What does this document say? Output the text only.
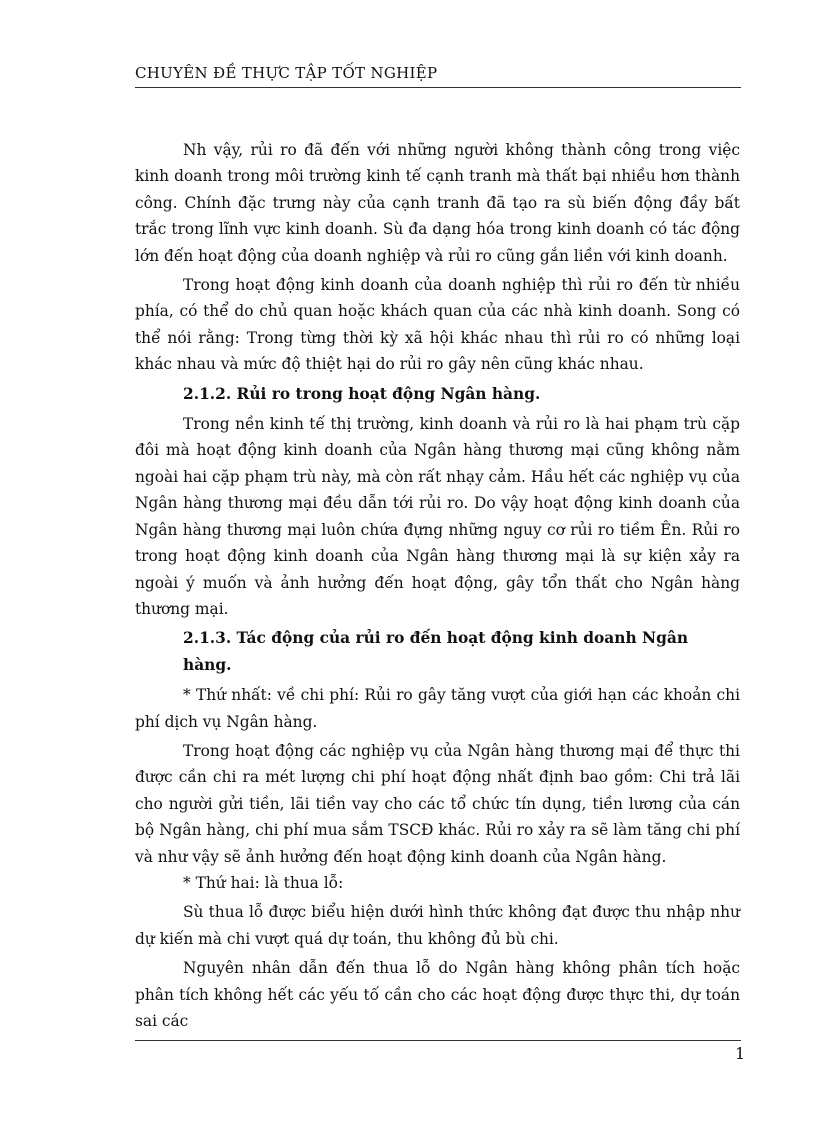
CHUYÊN ĐỀ THỰC TẬP TỐT NGHIỆP

Nh vậy, rủi ro đã đến với những người không thành công trong việc kinh doanh trong môi trường kinh tế cạnh tranh mà thất bại nhiều hơn thành công. Chính đặc trưng này của cạnh tranh đã tạo ra sù biến động đầy bất trắc trong lĩnh vực kinh doanh. Sù đa dạng hóa trong kinh doanh có tác động lớn đến hoạt động của doanh nghiệp và rủi ro cũng gắn liền với kinh doanh.

Trong hoạt động kinh doanh của doanh nghiệp thì rủi ro đến từ nhiều phía, có thể do chủ quan hoặc khách quan của các nhà kinh doanh. Song có thể nói rằng: Trong từng thời kỳ xã hội khác nhau thì rủi ro có những loại khác nhau và mức độ thiệt hại do rủi ro gây nên cũng khác nhau.

2.1.2. Rủi ro trong hoạt động Ngân hàng.

Trong nền kinh tế thị trường, kinh doanh và rủi ro là hai phạm trù cặp đôi mà hoạt động kinh doanh của Ngân hàng thương mại cũng không nằm ngoài hai cặp phạm trù này, mà còn rất nhạy cảm. Hầu hết các nghiệp vụ của Ngân hàng thương mại đều dẫn tới rủi ro. Do vậy hoạt động kinh doanh của Ngân hàng thương mại luôn chứa đựng những nguy cơ rủi ro tiềm Ên. Rủi ro trong hoạt động kinh doanh của Ngân hàng thương mại là sự kiện xảy ra ngoài ý muốn và ảnh hưởng đến hoạt động, gây tổn thất cho Ngân hàng thương mại.

2.1.3. Tác động của rủi ro đến hoạt động kinh doanh Ngân hàng.

* Thứ nhất: về chi phí: Rủi ro gây tăng vượt của giới hạn các khoản chi phí dịch vụ Ngân hàng.

Trong hoạt động các nghiệp vụ của Ngân hàng thương mại để thực thi được cần chi ra mét lượng chi phí hoạt động nhất định bao gồm: Chi trả lãi cho người gửi tiền, lãi tiền vay cho các tổ chức tín dụng, tiền lương của cán bộ Ngân hàng, chi phí mua sắm TSCĐ khác. Rủi ro xảy ra sẽ làm tăng chi phí và như vậy sẽ ảnh hưởng đến hoạt động kinh doanh của Ngân hàng.

* Thứ hai: là thua lỗ:

Sù thua lỗ được biểu hiện dưới hình thức không đạt được thu nhập như dự kiến mà chi vượt quá dự toán, thu không đủ bù chi.

Nguyên nhân dẫn đến thua lỗ do Ngân hàng không phân tích hoặc phân tích không hết các yếu tố cần cho các hoạt động được thực thi, dự toán sai các

1
